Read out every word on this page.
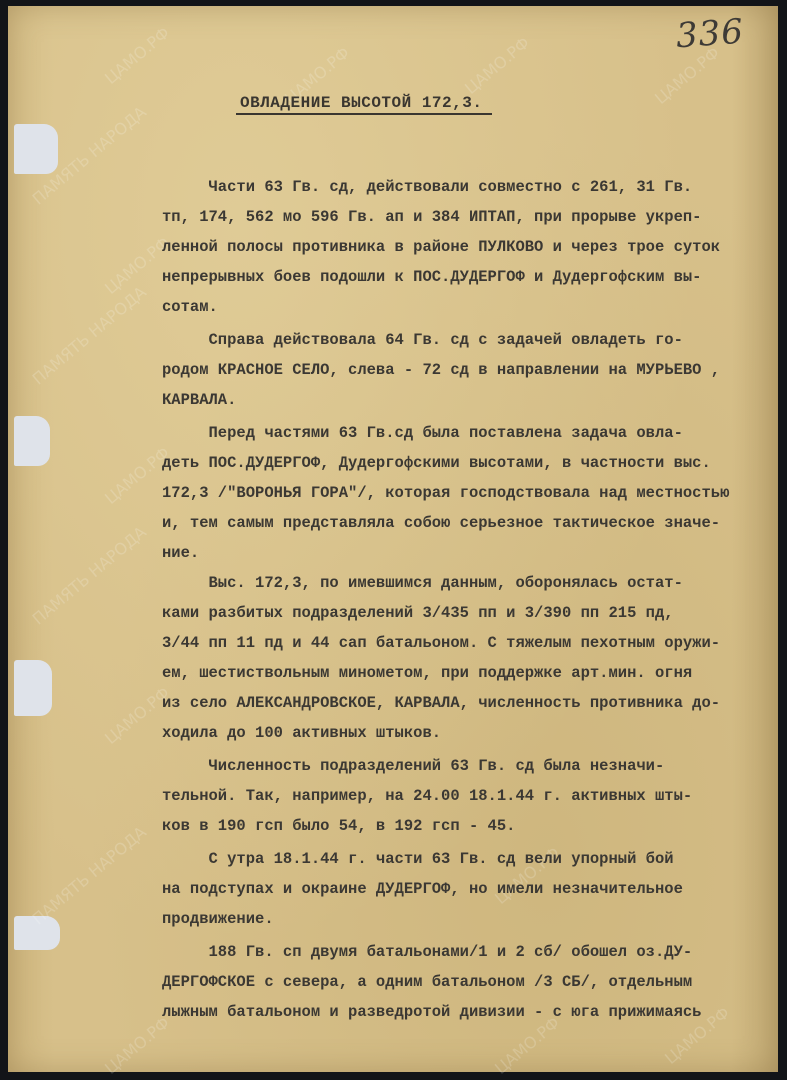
ЦАМО.РФ	ЦАМО.РФ	ЦАМО.РФ	ЦАМО.РФ
ПАМЯТЬ НАРОДА
ЦАМО.РФ
ПАМЯТЬ НАРОДА
ЦАМО.РФ
ПАМЯТЬ НАРОДА
ЦАМО.РФ
ПАМЯТЬ НАРОДА	ЦАМО.РФ
ЦАМО.РФ	ЦАМО.РФ	ЦАМО.РФ
336
ОВЛАДЕНИЕ ВЫСОТОЙ 172,3.
Части 63 Гв. сд, действовали совместно с 261, 31 Гв.
тп, 174, 562 мо 596 Гв. ап и 384 ИПТАП, при прорыве укреп-
ленной полосы противника в районе ПУЛКОВО и через трое суток
непрерывных боев подошли к ПОС.ДУДЕРГОФ и Дудергофским вы-
сотам.
Справа действовала 64 Гв. сд с задачей овладеть го-
родом КРАСНОЕ СЕЛО, слева - 72 сд в направлении на МУРЬЕВО ,
КАРВАЛА.
Перед частями 63 Гв.сд была поставлена задача овла-
деть ПОС.ДУДЕРГОФ, Дудергофскими высотами, в частности выс.
172,3 /"ВОРОНЬЯ ГОРА"/, которая господствовала над местностью
и, тем самым представляла собою серьезное тактическое значе-
ние.
Выс. 172,3, по имевшимся данным, оборонялась остат-
ками разбитых подразделений 3/435 пп и 3/390 пп 215 пд,
3/44 пп 11 пд и 44 сап батальоном. С тяжелым пехотным оружи-
ем, шестиствольным минометом, при поддержке арт.мин. огня
из село АЛЕКСАНДРОВСКОЕ, КАРВАЛА, численность противника до-
ходила до 100 активных штыков.
Численность подразделений 63 Гв. сд была незначи-
тельной. Так, например, на 24.00 18.1.44 г. активных шты-
ков в 190 гсп было 54, в 192 гсп - 45.
С утра 18.1.44 г. части 63 Гв. сд вели упорный бой
на подступах и окраине ДУДЕРГОФ, но имели незначительное
продвижение.
188 Гв. сп двумя батальонами/1 и 2 сб/ обошел оз.ДУ-
ДЕРГОФСКОЕ с севера, а одним батальоном /3 СБ/, отдельным
лыжным батальоном и разведротой дивизии - с юга прижимаясь
